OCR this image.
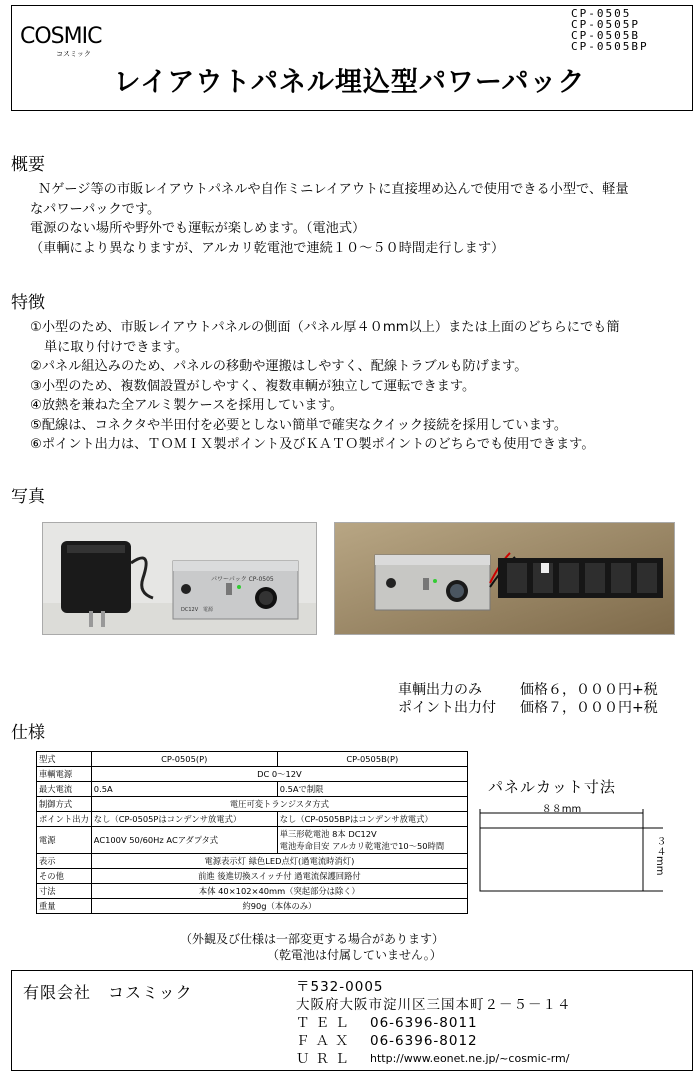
COSMIC
コスミック
CP-0505
CP-0505P
CP-0505B
CP-0505BP
レイアウトパネル埋込型パワーパック
概要
Ｎゲージ等の市販レイアウトパネルや自作ミニレイアウトに直接埋め込んで使用できる小型で、軽量
なパワーパックです。
電源のない場所や野外でも運転が楽しめます。（電池式）
（車輌により異なりますが、アルカリ乾電池で連続１０～５０時間走行します）
特徴
①小型のため、市販レイアウトパネルの側面（パネル厚４０mm以上）または上面のどちらにでも簡
単に取り付けできます。
②パネル組込みのため、パネルの移動や運搬はしやすく、配線トラブルも防げます。
③小型のため、複数個設置がしやすく、複数車輌が独立して運転できます。
④放熱を兼ねた全アルミ製ケースを採用しています。
⑤配線は、コネクタや半田付を必要としない簡単で確実なクイック接続を採用しています。
⑥ポイント出力は、ＴＯＭＩＸ製ポイント及びＫＡＴＯ製ポイントのどちらでも使用できます。
写真
パワーパック CP-0505
DC12V 電源
車輌出力のみ	価格６，０００円+税
ポイント出力付	価格７，０００円+税
仕様
型式	CP-0505(P)	CP-0505B(P)
車輌電源	DC 0～12V	
最大電流	0.5A	0.5Aで制限
制御方式	電圧可変トランジスタ方式	
ポイント出力	なし（CP-0505Pはコンデンサ放電式）	なし（CP-0505BPはコンデンサ放電式）
電源	AC100V 50/60Hz ACアダプタ式	単三形乾電池 8本 DC12V
電池寿命目安 アルカリ乾電池で10～50時間
表示	電源表示灯 緑色LED点灯(過電流時消灯)	
その他	前進 後進切換スイッチ付 過電流保護回路付	
寸法	本体 40×102×40mm（突起部分は除く）	
重量	約90g（本体のみ）	
パネルカット寸法
８８mm
３４mm
（外観及び仕様は一部変更する場合があります）
（乾電池は付属していません。）
有限会社　コスミック	〒532-0005
大阪府大阪市淀川区三国本町２－５－１４
ＴＥＬ	06-6396-8011
ＦＡＸ	06-6396-8012
ＵＲＬ	http://www.eonet.ne.jp/~cosmic-rm/
